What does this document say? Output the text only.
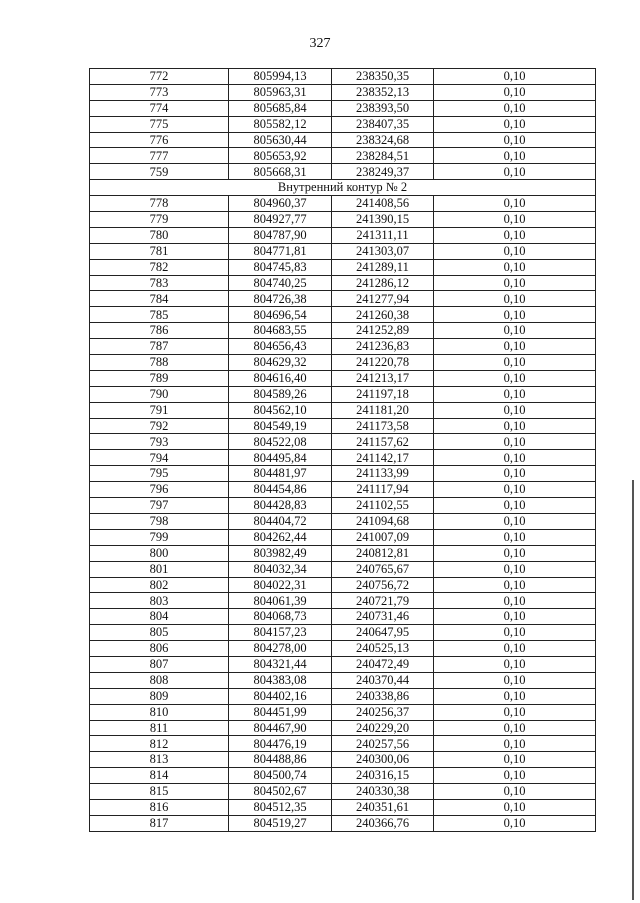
327
772	805994,13	238350,35	0,10
773	805963,31	238352,13	0,10
774	805685,84	238393,50	0,10
775	805582,12	238407,35	0,10
776	805630,44	238324,68	0,10
777	805653,92	238284,51	0,10
759	805668,31	238249,37	0,10
Внутренний контур № 2			
778	804960,37	241408,56	0,10
779	804927,77	241390,15	0,10
780	804787,90	241311,11	0,10
781	804771,81	241303,07	0,10
782	804745,83	241289,11	0,10
783	804740,25	241286,12	0,10
784	804726,38	241277,94	0,10
785	804696,54	241260,38	0,10
786	804683,55	241252,89	0,10
787	804656,43	241236,83	0,10
788	804629,32	241220,78	0,10
789	804616,40	241213,17	0,10
790	804589,26	241197,18	0,10
791	804562,10	241181,20	0,10
792	804549,19	241173,58	0,10
793	804522,08	241157,62	0,10
794	804495,84	241142,17	0,10
795	804481,97	241133,99	0,10
796	804454,86	241117,94	0,10
797	804428,83	241102,55	0,10
798	804404,72	241094,68	0,10
799	804262,44	241007,09	0,10
800	803982,49	240812,81	0,10
801	804032,34	240765,67	0,10
802	804022,31	240756,72	0,10
803	804061,39	240721,79	0,10
804	804068,73	240731,46	0,10
805	804157,23	240647,95	0,10
806	804278,00	240525,13	0,10
807	804321,44	240472,49	0,10
808	804383,08	240370,44	0,10
809	804402,16	240338,86	0,10
810	804451,99	240256,37	0,10
811	804467,90	240229,20	0,10
812	804476,19	240257,56	0,10
813	804488,86	240300,06	0,10
814	804500,74	240316,15	0,10
815	804502,67	240330,38	0,10
816	804512,35	240351,61	0,10
817	804519,27	240366,76	0,10
